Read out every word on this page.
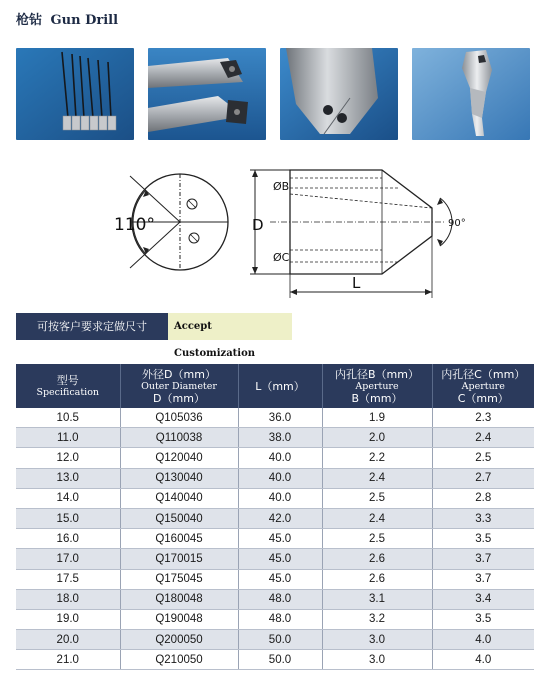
枪钻 Gun Drill
110°	D
ØB
ØC
90°
L
可按客户要求定做尺寸	Accept Customization
型号
Specification	外径D（mm）
Outer Diameter
D（mm）	L（mm）	内孔径B（mm）
Aperture
B（mm）	内孔径C（mm）
Aperture
C（mm）

10.5	Q105036	36.0	1.9	2.3
11.0	Q110038	38.0	2.0	2.4
12.0	Q120040	40.0	2.2	2.5
13.0	Q130040	40.0	2.4	2.7
14.0	Q140040	40.0	2.5	2.8
15.0	Q150040	42.0	2.4	3.3
16.0	Q160045	45.0	2.5	3.5
17.0	Q170015	45.0	2.6	3.7
17.5	Q175045	45.0	2.6	3.7
18.0	Q180048	48.0	3.1	3.4
19.0	Q190048	48.0	3.2	3.5
20.0	Q200050	50.0	3.0	4.0
21.0	Q210050	50.0	3.0	4.0
